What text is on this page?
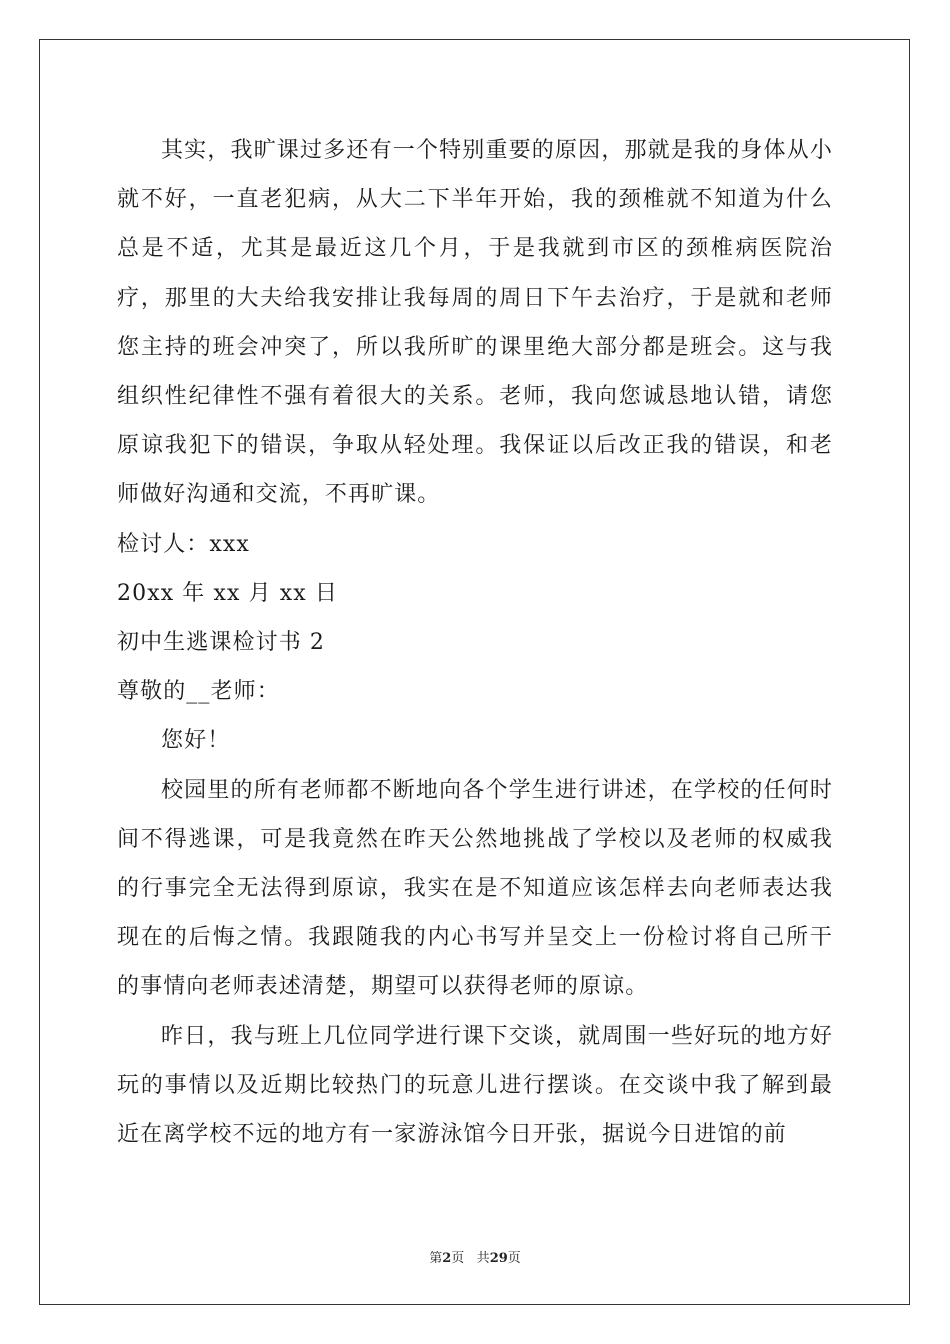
其实，我旷课过多还有一个特别重要的原因，那就是我的身体从小就不好，一直老犯病，从大二下半年开始，我的颈椎就不知道为什么总是不适，尤其是最近这几个月，于是我就到市区的颈椎病医院治疗，那里的大夫给我安排让我每周的周日下午去治疗，于是就和老师您主持的班会冲突了，所以我所旷的课里绝大部分都是班会。这与我组织性纪律性不强有着很大的关系。老师，我向您诚恳地认错，请您原谅我犯下的错误，争取从轻处理。我保证以后改正我的错误，和老师做好沟通和交流，不再旷课。

检讨人：xxx

20xx 年 xx 月 xx 日

初中生逃课检讨书 2

尊敬的__老师：

您好！

校园里的所有老师都不断地向各个学生进行讲述，在学校的任何时间不得逃课，可是我竟然在昨天公然地挑战了学校以及老师的权威我的行事完全无法得到原谅，我实在是不知道应该怎样去向老师表达我现在的后悔之情。我跟随我的内心书写并呈交上一份检讨将自己所干的事情向老师表述清楚，期望可以获得老师的原谅。

昨日，我与班上几位同学进行课下交谈，就周围一些好玩的地方好玩的事情以及近期比较热门的玩意儿进行摆谈。在交谈中我了解到最近在离学校不远的地方有一家游泳馆今日开张，据说今日进馆的前

第2页 共29页
